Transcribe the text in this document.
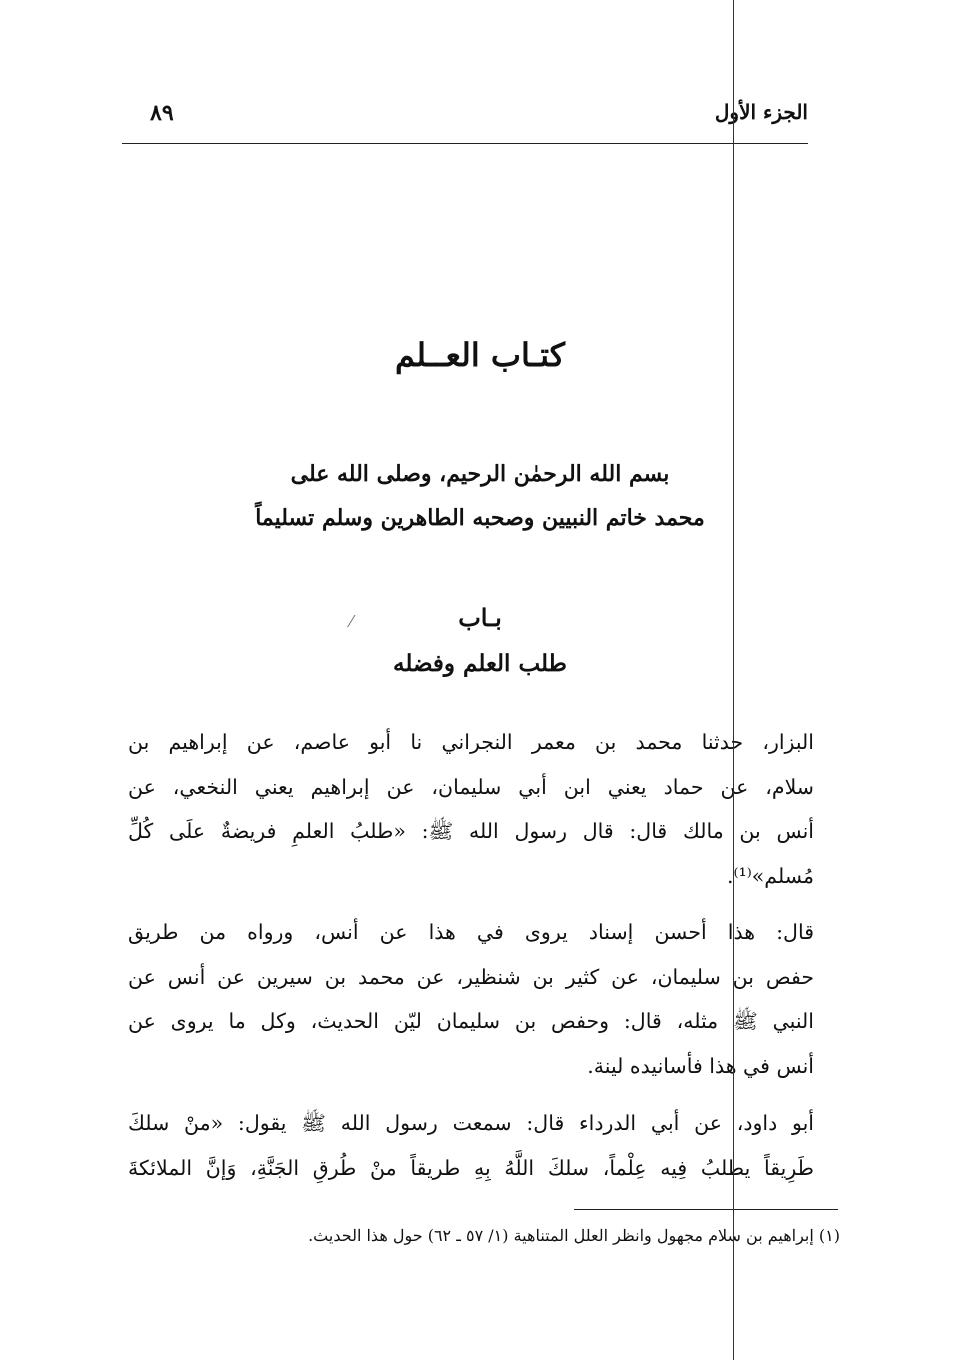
الجزء الأول
٨٩
كتـاب العــلم
بسم الله الرحمٰن الرحيم، وصلى الله على
محمد خاتم النبيين وصحبه الطاهرين وسلم تسليماً
بـاب
طلب العلم وفضله
⁄
البزار، حدثنا محمد بن معمر النجراني نا أبو عاصم، عن إبراهيم بن
سلام، عن حماد يعني ابن أبي سليمان، عن إبراهيم يعني النخعي، عن
أنس بن مالك قال: قال رسول الله ﷺ: «طلبُ العلمِ فريضةٌ علَى كُلِّ
مُسلم»⁽¹⁾.
قال: هذا أحسن إسناد يروى في هذا عن أنس، ورواه من طريق
حفص بن سليمان، عن كثير بن شنظير، عن محمد بن سيرين عن أنس عن
النبي ﷺ مثله، قال: وحفص بن سليمان ليّن الحديث، وكل ما يروى عن
أنس في هذا فأسانيده لينة.
أبو داود، عن أبي الدرداء قال: سمعت رسول الله ﷺ يقول: «منْ سلكَ
طَرِيقاً يطلبُ فِيه عِلْماً، سلكَ اللَّهُ بِهِ طريقاً منْ طُرقِ الجَنَّةِ، وَإنَّ الملائكةَ
(١) إبراهيم بن سلام مجهول وانظر العلل المتناهية (١/ ٥٧ ـ ٦٢) حول هذا الحديث.
